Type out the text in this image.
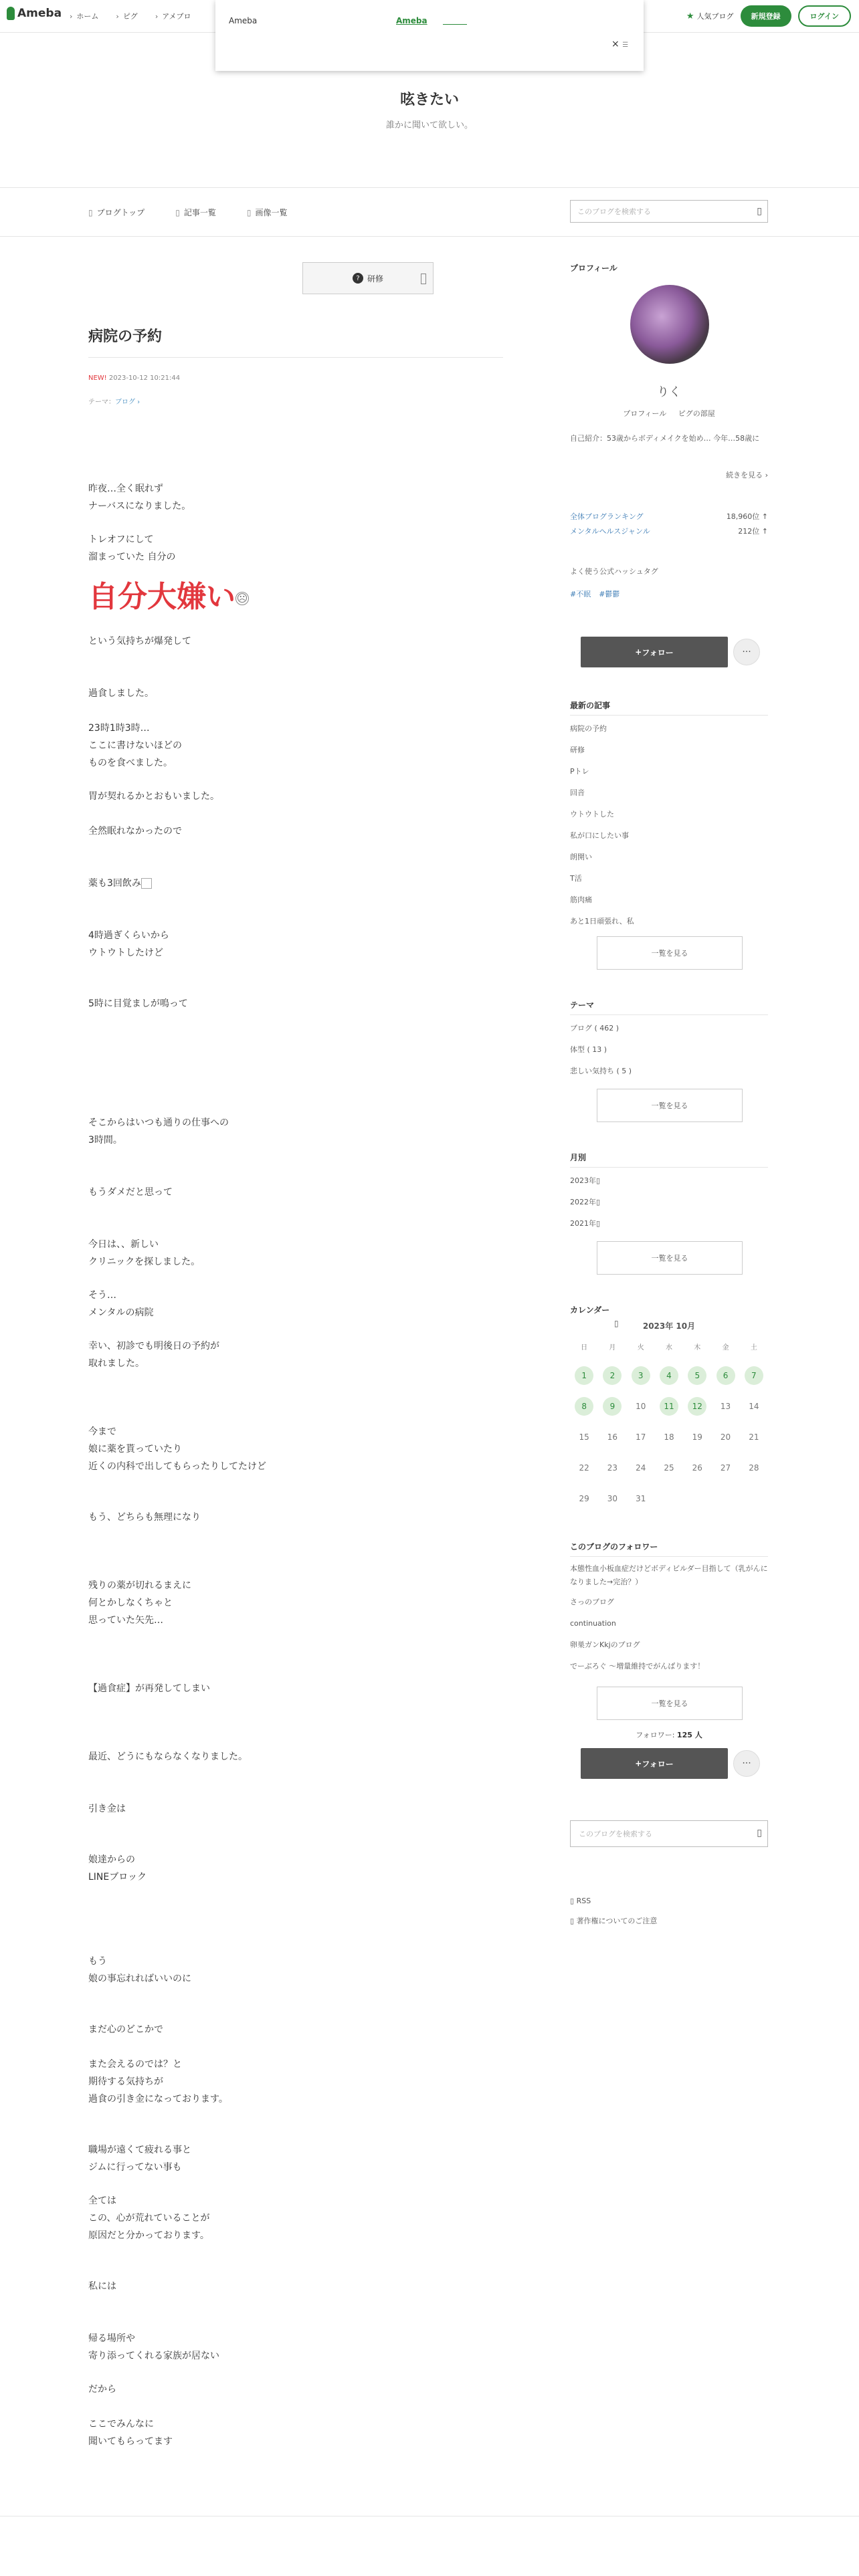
Ameba	› ホーム	› ピグ	› アメブロ	★ 人気ブログ	新規登録	ログイン
Ameba	Ameba
× ☰
呟きたい
誰かに聞いて欲しい。
▯ ブログトップ	▯ 記事一覧	▯ 画像一覧	このブログを検索する	▯
? 研修
病院の予約
NEW! 2023-10-12 10:21:44
テーマ：ブログ ›
昨夜…全く眠れず
ナーバスになりました。
トレオフにして
溜まっていた 自分の
自分大嫌い ☹
という気持ちが爆発して
過食しました。
23時1時3時…
ここに書けないほどの
ものを食べました。
胃が契れるかとおもいました。
全然眠れなかったので
薬も3回飲み
4時過ぎくらいから
ウトウトしたけど
5時に目覚ましが鳴って
そこからはいつも通りの仕事への
3時間。
もうダメだと思って
今日は、、新しい
クリニックを探しました。
そう…
メンタルの病院
幸い、初診でも明後日の予約が
取れました。
今まで
娘に薬を貰っていたり
近くの内科で出してもらったりしてたけど
もう、どちらも無理になり
残りの薬が切れるまえに
何とかしなくちゃと
思っていた矢先…
【過食症】が再発してしまい
最近、どうにもならなくなりました。
引き金は
娘達からの
LINEブロック
もう
娘の事忘れればいいのに
まだ心のどこかで
また会えるのでは？と
期待する気持ちが
過食の引き金になっております。
職場が遠くて疲れる事と
ジムに行ってない事も
全ては
この、心が荒れていることが
原因だと分かっております。
私には
帰る場所や
寄り添ってくれる家族が居ない
だから
ここでみんなに
聞いてもらってます
プロフィール
りく
プロフィール ピグの部屋
自己紹介：53歳からボディメイクを始め… 今年…58歳に
続きを見る ›
全体ブログランキング	18,960位 ↑
メンタルヘルスジャンル	212位 ↑
よく使う公式ハッシュタグ
#不眠 #鬱鬱
+ フォロー	···
最新の記事
病院の予約
研修
Pトレ
回音
ウトウトした
私が口にしたい事
朗開い
T活
筋肉痛
あと1日頑張れ、私
一覧を見る
テーマ
ブログ ( 462 )
体型 ( 13 )
悲しい気持ち ( 5 )
一覧を見る
月別
2023年▯
2022年▯
2021年▯
一覧を見る
カレンダー
▯	2023年 10月
日	月	火	水	木	金	土
1	2	3	4	5	6	7
8	9	10	11	12	13	14
15	16	17	18	19	20	21
22	23	24	25	26	27	28
29	30	31
このブログのフォロワー
本態性血小板血症だけどボディビルダー目指して（乳がんになりました→完治？）
さっのブログ
continuation
卵巣ガンKkjのブログ
でーぶろぐ 〜増量維持でがんばります！
一覧を見る
フォロワー: 125 人
+ フォロー	···
このブログを検索する	▯
▯ RSS
▯ 著作権についてのご注意
